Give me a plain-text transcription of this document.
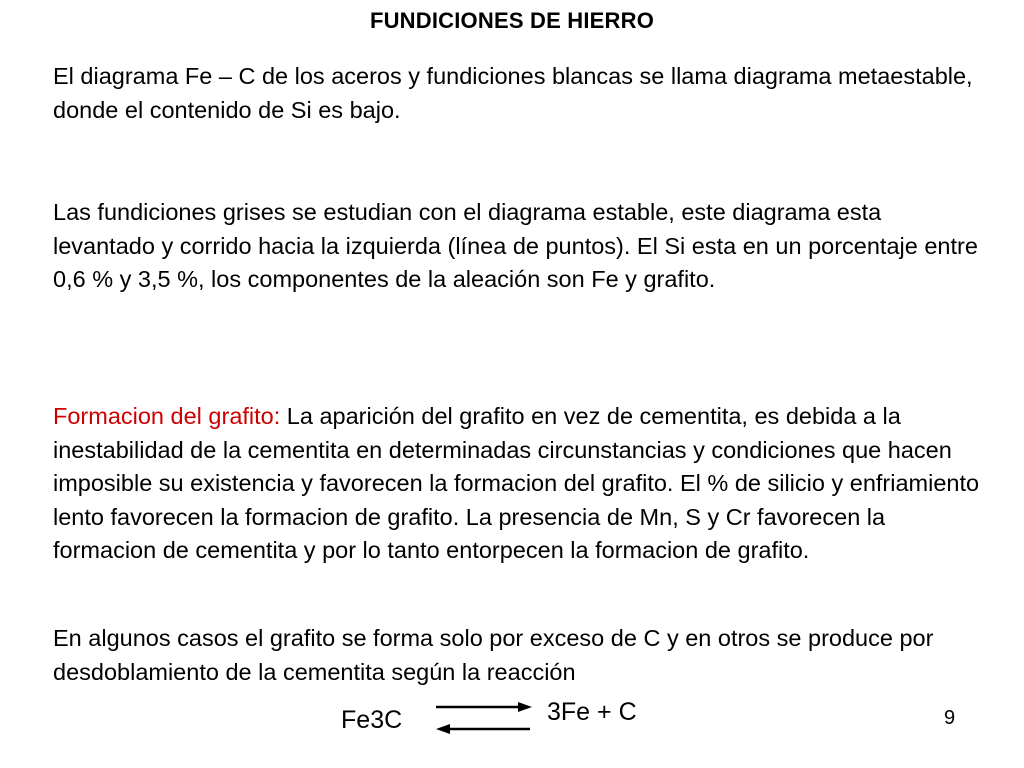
FUNDICIONES DE HIERRO
El diagrama Fe – C de los aceros y fundiciones blancas se llama diagrama metaestable, donde el contenido de Si es bajo.
Las fundiciones grises se estudian con el diagrama estable, este diagrama esta levantado y corrido hacia la izquierda (línea de puntos). El Si esta en un porcentaje entre 0,6 % y 3,5 %, los componentes de la aleación son Fe y grafito.
Formacion del grafito: La aparición del grafito en vez de cementita, es debida a la inestabilidad de la cementita en determinadas circunstancias y condiciones que hacen imposible su existencia y favorecen la formacion del grafito. El % de silicio y enfriamiento lento favorecen la formacion de grafito. La presencia de Mn, S y Cr favorecen la formacion de cementita y por lo tanto entorpecen la formacion de grafito.
En algunos casos el grafito se forma solo por exceso de C y en otros se produce por desdoblamiento de la cementita según la reacción
Fe3C	3Fe + C	9
